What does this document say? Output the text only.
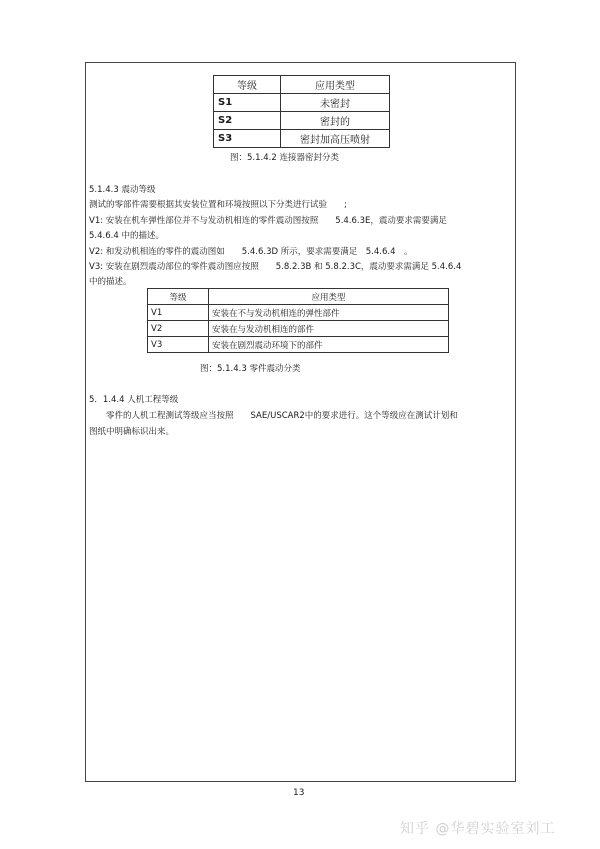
等级	应用类型
S1	未密封
S2	密封的
S3	密封加高压喷射
图：5.1.4.2 连接器密封分类
5.1.4.3 震动等级
测试的零部件需要根据其安装位置和环境按照以下分类进行试验　　;
V1: 安装在机车弹性部位并不与发动机相连的零件震动图按照　　5.4.6.3E，震动要求需要满足
5.4.6.4 中的描述。
V2: 和发动机相连的零件的震动图如　　5.4.6.3D 所示，要求需要满足　5.4.6.4　。
V3: 安装在剧烈震动部位的零件震动图应按照　　5.8.2.3B 和 5.8.2.3C，震动要求需满足 5.4.6.4
中的描述。
等级	应用类型
V1	安装在不与发动机相连的弹性部件
V2	安装在与发动机相连的部件
V3	安装在剧烈震动环境下的部件
图：5.1.4.3 零件震动分类
5．1.4.4 人机工程等级
零件的人机工程测试等级应当按照　　SAE/USCAR2中的要求进行。这个等级应在测试计划和
图纸中明确标识出来。
13
知乎 @华碧实验室刘工
